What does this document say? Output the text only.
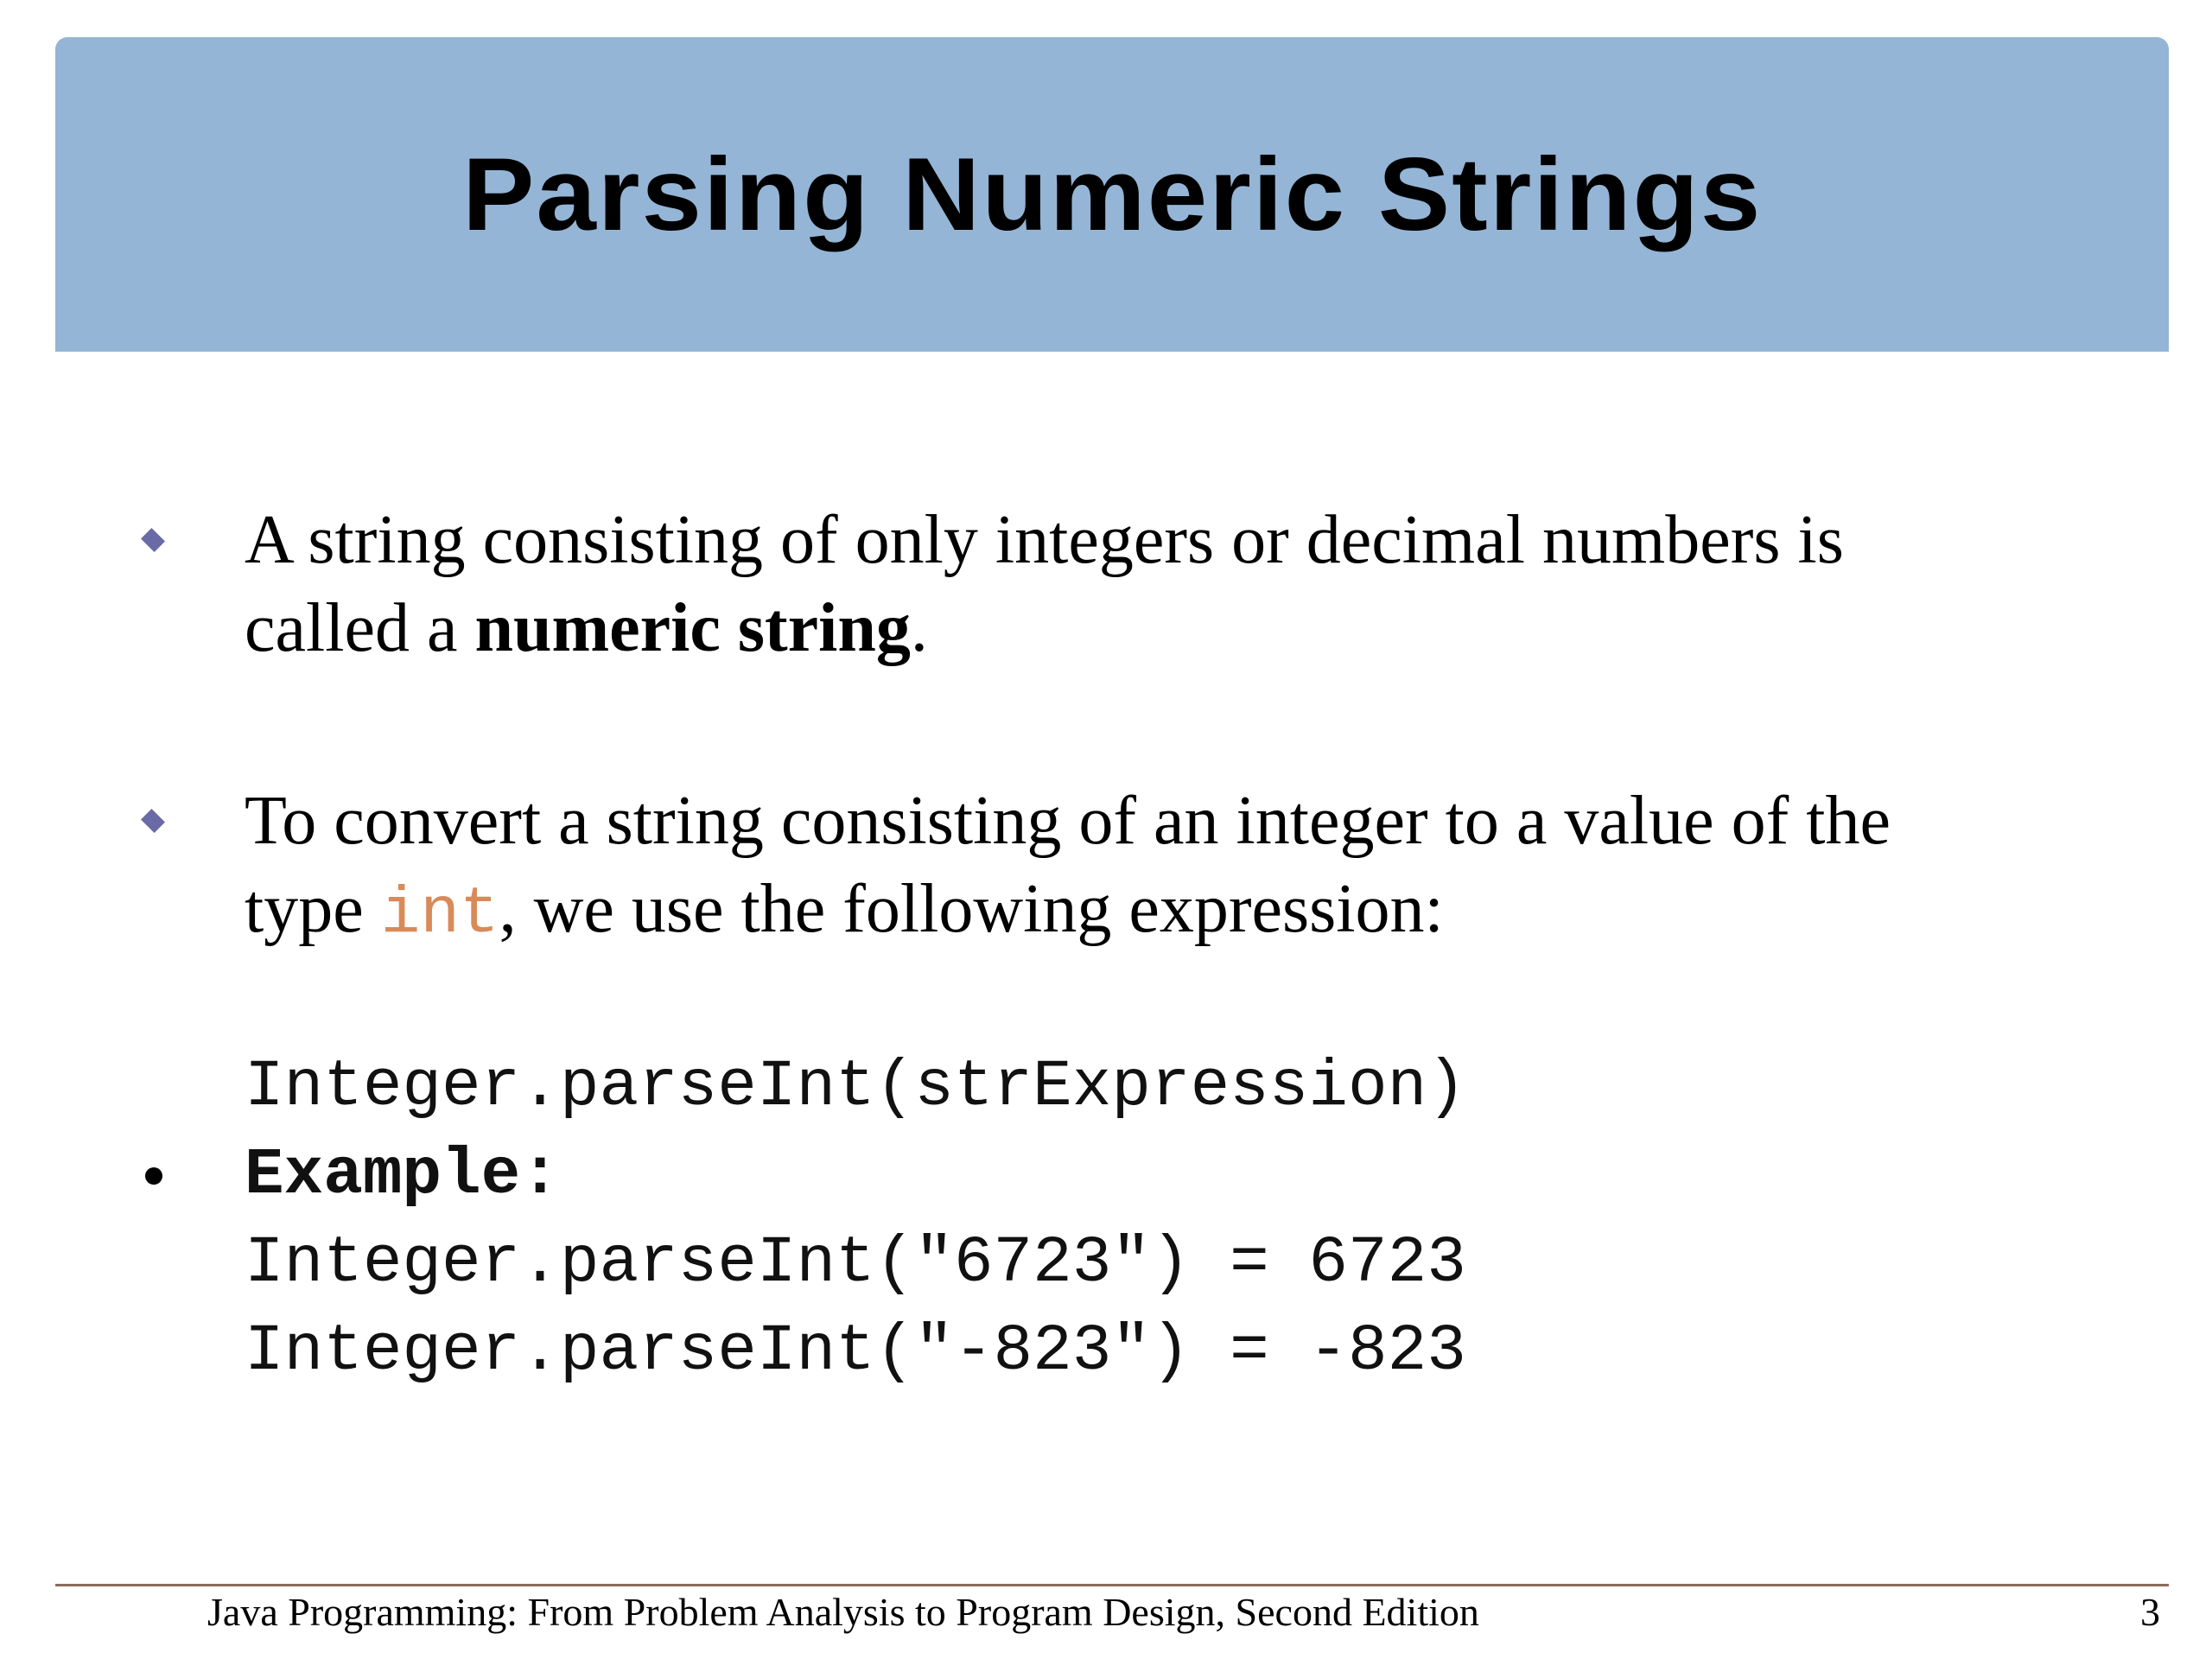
Parsing Numeric Strings
A string consisting of only integers or decimal numbers is
called a numeric string.
To convert a string consisting of an integer to a value of the
type int, we use the following expression:
Integer.parseInt(strExpression)
Example:
Integer.parseInt("6723") = 6723
Integer.parseInt("-823") = -823
Java Programming: From Problem Analysis to Program Design, Second Edition	3
